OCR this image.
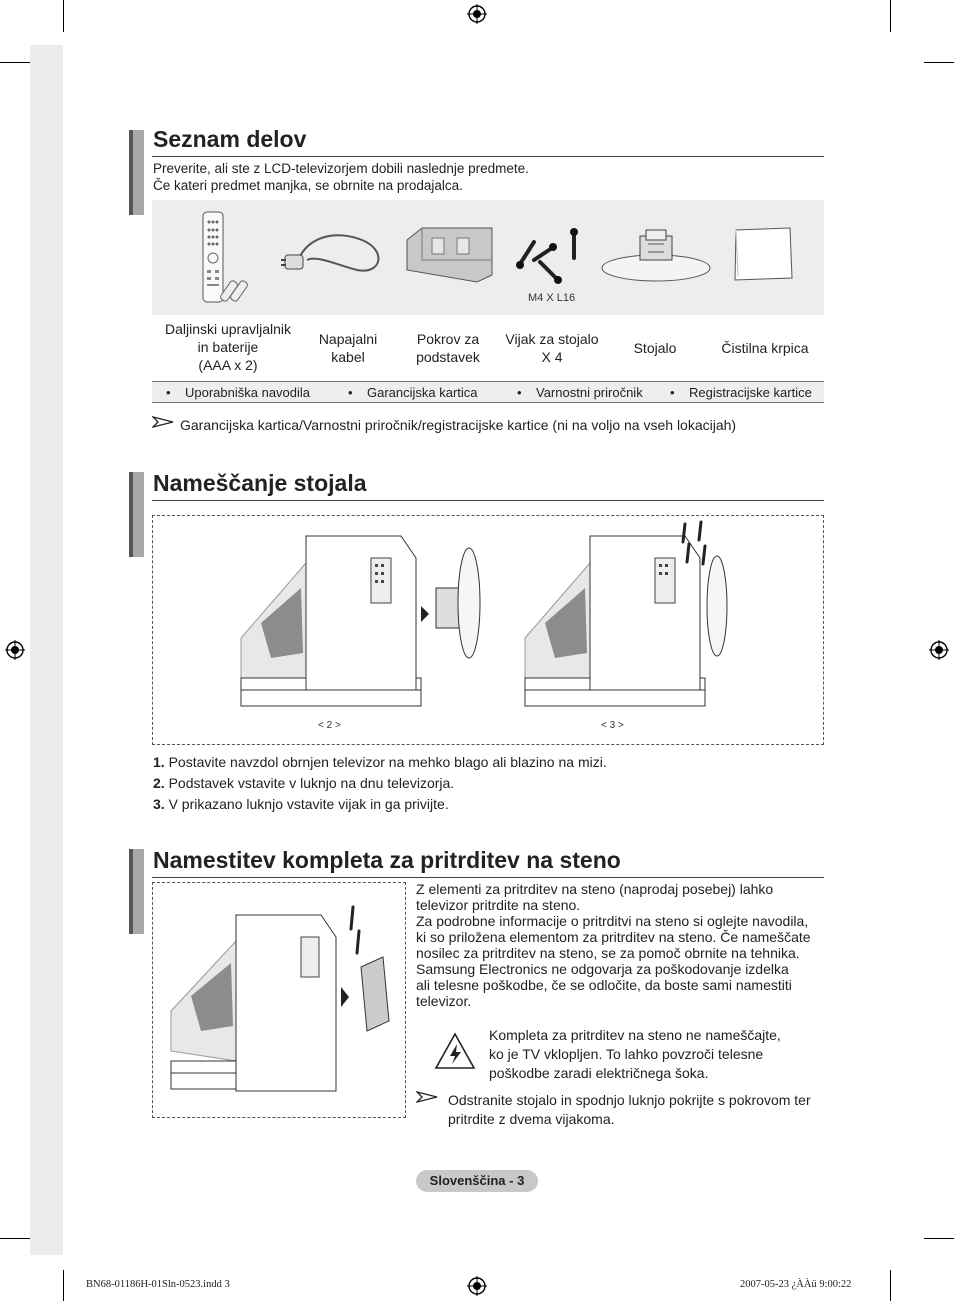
Seznam delov
Preverite, ali ste z LCD-televizorjem dobili naslednje predmete.
Če kateri predmet manjka, se obrnite na prodajalca.
M4 X L16
Daljinski upravljalnik
in baterije
(AAA x 2)
Napajalni
kabel
Pokrov za
podstavek
Vijak za stojalo
X 4
Stojalo	Čistilna krpica
•    Uporabniška navodila	•    Garancijska kartica	•    Varnostni priročnik •    Registracijske kartice
Garancijska kartica/Varnostni priročnik/registracijske kartice (ni na voljo na vseh lokacijah)
Nameščanje stojala
< 2 >	< 3 >
1. Postavite navzdol obrnjen televizor na mehko blago ali blazino na mizi.
2. Podstavek vstavite v luknjo na dnu televizorja.
3. V prikazano luknjo vstavite vijak in ga privijte.
Namestitev kompleta za pritrditev na steno
Z elementi za pritrditev na steno (naprodaj posebej) lahko
televizor pritrdite na steno.
Za podrobne informacije o pritrditvi na steno si oglejte navodila,
ki so priložena elementom za pritrditev na steno. Če nameščate
nosilec za pritrditev na steno, se za pomoč obrnite na tehnika.
Samsung Electronics ne odgovarja za poškodovanje izdelka
ali telesne poškodbe, če se odločite, da boste sami namestiti
televizor.
Kompleta za pritrditev na steno ne nameščajte,
ko je TV vklopljen. To lahko povzroči telesne
poškodbe zaradi električnega šoka.
Odstranite stojalo in spodnjo luknjo pokrijte s pokrovom ter
pritrdite z dvema vijakoma.
Slovenščina - 3
BN68-01186H-01Sln-0523.indd 3	2007-05-23 ¿ÀÀü 9:00:22
